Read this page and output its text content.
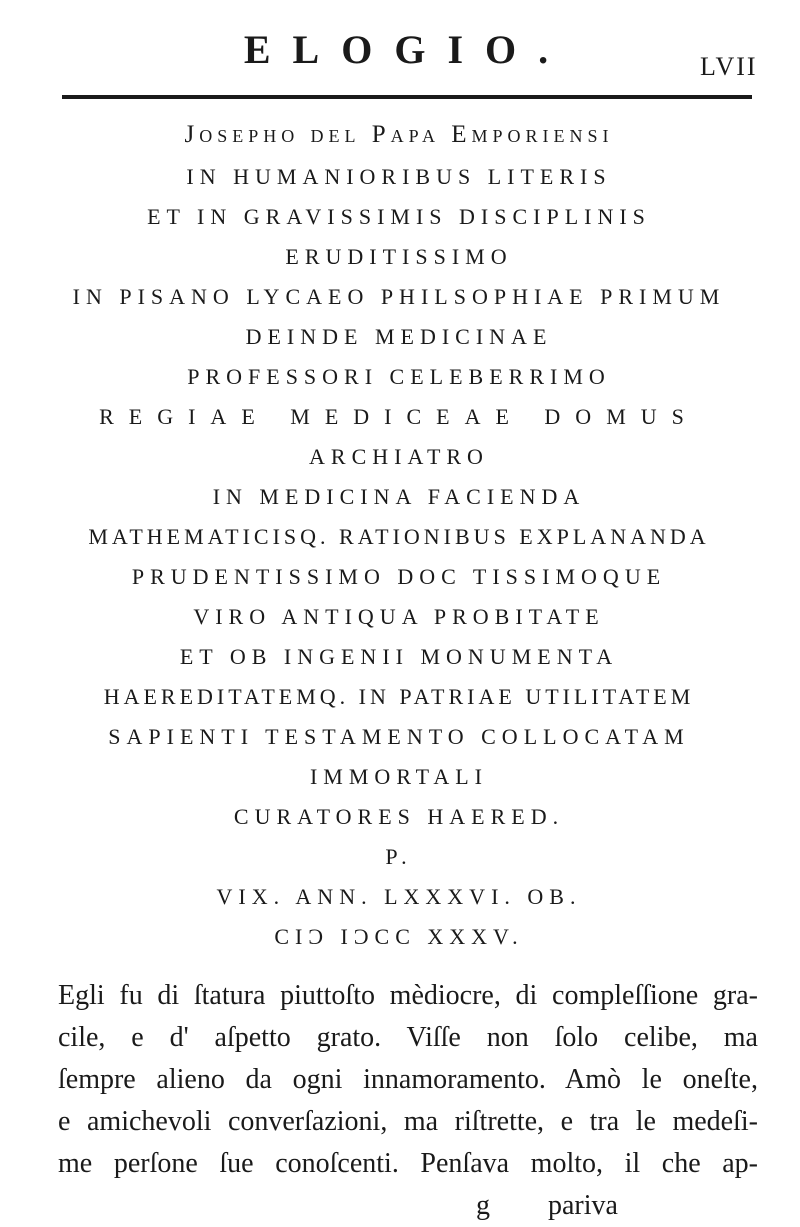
ELOGIO.	LVII
Josepho del Papa Emporiensi
IN HUMANIORIBUS LITERIS
ET IN GRAVISSIMIS DISCIPLINIS
ERUDITISSIMO
IN PISANO LYCAEO PHILSOPHIAE PRIMUM
DEINDE MEDICINAE
PROFESSORI CELEBERRIMO
REGIAE MEDICEAE DOMUS
ARCHIATRO
IN MEDICINA FACIENDA
MATHEMATICISQ. RATIONIBUS EXPLANANDA
PRUDENTISSIMO DOC TISSIMOQUE
VIRO ANTIQUA PROBITATE
ET OB INGENII MONUMENTA
HAEREDITATEMQ. IN PATRIAE UTILITATEM
SAPIENTI TESTAMENTO COLLOCATAM
IMMORTALI
CURATORES HAERED.
P.
VIX. ANN. LXXXVI. OB.
CIϽ IϽCC XXXV.
Egli fu di ſtatura piuttoſto mèdiocre, di compleſſione gra-
cile, e d' aſpetto grato. Viſſe non ſolo celibe, ma
ſempre alieno da ogni innamoramento. Amò le oneſte,
e amichevoli converſazioni, ma riſtrette, e tra le medeſi-
me perſone ſue conoſcenti. Penſava molto, il che ap-
g pariva
